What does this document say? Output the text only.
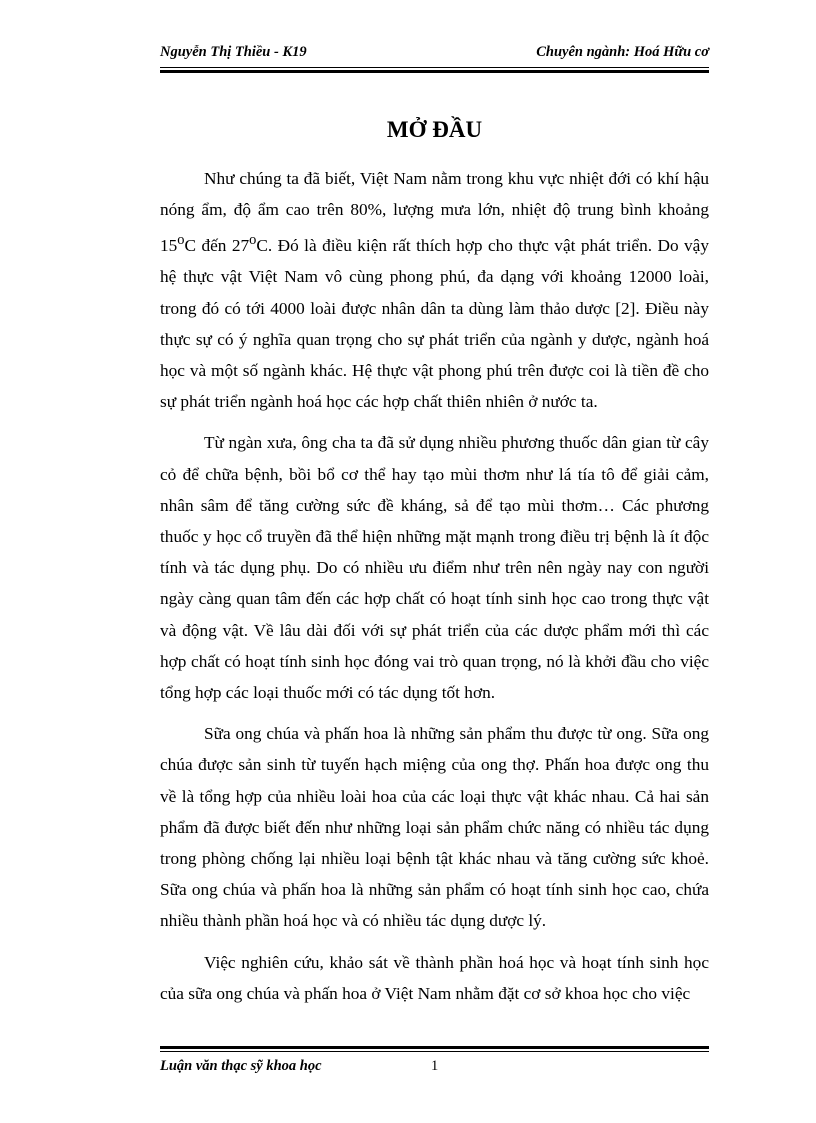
Nguyễn Thị Thiều - K19	Chuyên ngành: Hoá Hữu cơ
MỞ ĐẦU

Như chúng ta đã biết, Việt Nam nằm trong khu vực nhiệt đới có khí hậu nóng ẩm, độ ẩm cao trên 80%, lượng mưa lớn, nhiệt độ trung bình khoảng 15$^o$C đến 27$^o$C. Đó là điều kiện rất thích hợp cho thực vật phát triển. Do vậy hệ thực vật Việt Nam vô cùng phong phú, đa dạng với khoảng 12000 loài, trong đó có tới 4000 loài được nhân dân ta dùng làm thảo dược [2]. Điều này thực sự có ý nghĩa quan trọng cho sự phát triển của ngành y dược, ngành hoá học và một số ngành khác. Hệ thực vật phong phú trên được coi là tiền đề cho sự phát triển ngành hoá học các hợp chất thiên nhiên ở nước ta.

Từ ngàn xưa, ông cha ta đã sử dụng nhiều phương thuốc dân gian từ cây cỏ để chữa bệnh, bồi bổ cơ thể hay tạo mùi thơm như lá tía tô để giải cảm, nhân sâm để tăng cường sức đề kháng, sả để tạo mùi thơm… Các phương thuốc y học cổ truyền đã thể hiện những mặt mạnh trong điều trị bệnh là ít độc tính và tác dụng phụ. Do có nhiều ưu điểm như trên nên ngày nay con người ngày càng quan tâm đến các hợp chất có hoạt tính sinh học cao trong thực vật và động vật. Về lâu dài đối với sự phát triển của các dược phẩm mới thì các hợp chất có hoạt tính sinh học đóng vai trò quan trọng, nó là khởi đầu cho việc tổng hợp các loại thuốc mới có tác dụng tốt hơn.

Sữa ong chúa và phấn hoa là những sản phẩm thu được từ ong. Sữa ong chúa được sản sinh từ tuyến hạch miệng của ong thợ. Phấn hoa được ong thu về là tổng hợp của nhiều loài hoa của các loại thực vật khác nhau. Cả hai sản phẩm đã được biết đến như những loại sản phẩm chức năng có nhiều tác dụng trong phòng chống lại nhiều loại bệnh tật khác nhau và tăng cường sức khoẻ. Sữa ong chúa và phấn hoa là những sản phẩm có hoạt tính sinh học cao, chứa nhiều thành phần hoá học và có nhiều tác dụng dược lý.

Việc nghiên cứu, khảo sát về thành phần hoá học và hoạt tính sinh học của sữa ong chúa và phấn hoa ở Việt Nam nhằm đặt cơ sở khoa học cho việc

Luận văn thạc sỹ khoa học	1
